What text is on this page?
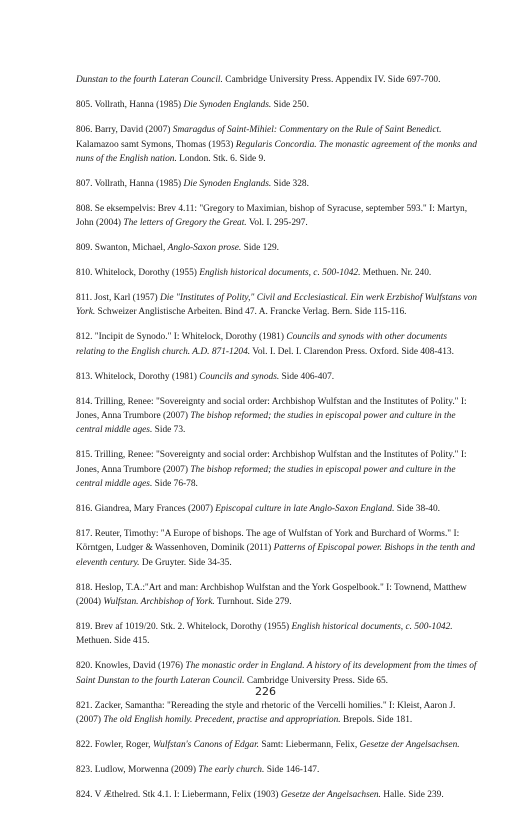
Dunstan to the fourth Lateran Council. Cambridge University Press. Appendix IV. Side 697-700.

805. Vollrath, Hanna (1985) Die Synoden Englands. Side 250.

806. Barry, David (2007) Smaragdus of Saint-Mihiel: Commentary on the Rule of Saint Benedict. Kalamazoo samt Symons, Thomas (1953) Regularis Concordia. The monastic agreement of the monks and nuns of the English nation. London. Stk. 6. Side 9.

807. Vollrath, Hanna (1985) Die Synoden Englands. Side 328.

808. Se eksempelvis: Brev 4.11: "Gregory to Maximian, bishop of Syracuse, september 593." I: Martyn, John (2004) The letters of Gregory the Great. Vol. I. 295-297.

809. Swanton, Michael, Anglo-Saxon prose. Side 129.

810. Whitelock, Dorothy (1955) English historical documents, c. 500-1042. Methuen. Nr. 240.

811. Jost, Karl (1957) Die "Institutes of Polity," Civil and Ecclesiastical. Ein werk Erzbishof Wulfstans von York. Schweizer Anglistische Arbeiten. Bind 47. A. Francke Verlag. Bern. Side 115-116.

812. "Incipit de Synodo." I: Whitelock, Dorothy (1981) Councils and synods with other documents relating to the English church. A.D. 871-1204. Vol. I. Del. I. Clarendon Press. Oxford. Side 408-413.

813. Whitelock, Dorothy (1981) Councils and synods. Side 406-407.

814. Trilling, Renee: "Sovereignty and social order: Archbishop Wulfstan and the Institutes of Polity." I: Jones, Anna Trumbore (2007) The bishop reformed; the studies in episcopal power and culture in the central middle ages. Side 73.

815. Trilling, Renee: "Sovereignty and social order: Archbishop Wulfstan and the Institutes of Polity." I: Jones, Anna Trumbore (2007) The bishop reformed; the studies in episcopal power and culture in the central middle ages. Side 76-78.

816. Giandrea, Mary Frances (2007) Episcopal culture in late Anglo-Saxon England. Side 38-40.

817. Reuter, Timothy: "A Europe of bishops. The age of Wulfstan of York and Burchard of Worms." I: Körntgen, Ludger & Wassenhoven, Dominik (2011) Patterns of Episcopal power. Bishops in the tenth and eleventh century. De Gruyter. Side 34-35.

818. Heslop, T.A.:"Art and man: Archbishop Wulfstan and the York Gospelbook." I: Townend, Matthew (2004) Wulfstan. Archbishop of York. Turnhout. Side 279.

819. Brev af 1019/20. Stk. 2. Whitelock, Dorothy (1955) English historical documents, c. 500-1042. Methuen. Side 415.

820. Knowles, David (1976) The monastic order in England. A history of its development from the times of Saint Dunstan to the fourth Lateran Council. Cambridge University Press. Side 65.

821. Zacker, Samantha: "Rereading the style and rhetoric of the Vercelli homilies." I: Kleist, Aaron J. (2007) The old English homily. Precedent, practise and appropriation. Brepols. Side 181.

822. Fowler, Roger, Wulfstan's Canons of Edgar. Samt: Liebermann, Felix, Gesetze der Angelsachsen.

823. Ludlow, Morwenna (2009) The early church. Side 146-147.

824. V Æthelred. Stk 4.1. I: Liebermann, Felix (1903) Gesetze der Angelsachsen. Halle. Side 239.

226
